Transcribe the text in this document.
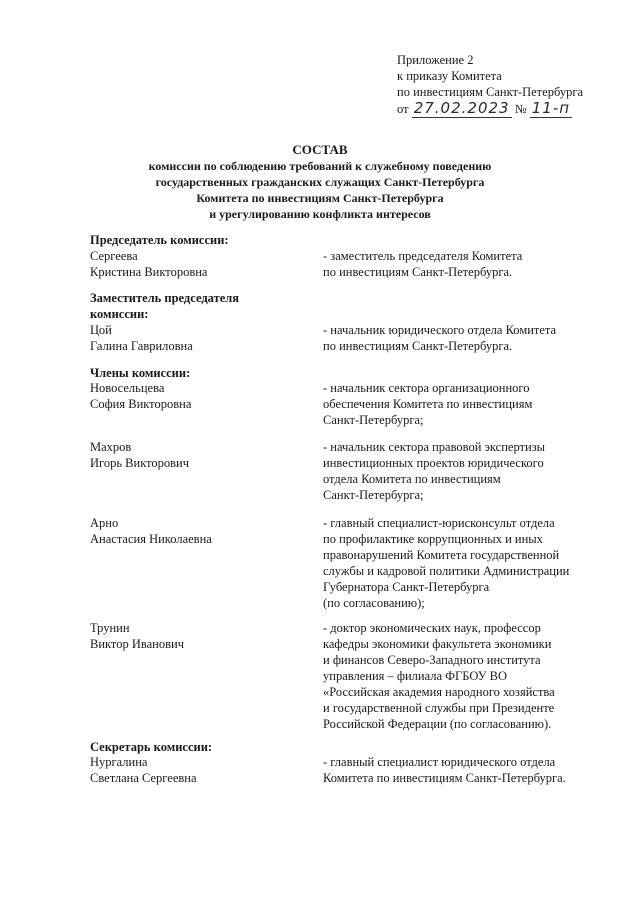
Приложение 2
к приказу Комитета
по инвестициям Санкт-Петербурга
от 27.02.2023 № 11-п
СОСТАВ
комиссии по соблюдению требований к служебному поведению
государственных гражданских служащих Санкт-Петербурга
Комитета по инвестициям Санкт-Петербурга
и урегулированию конфликта интересов
Председатель комиссии:
Сергеева
Кристина Викторовна
- заместитель председателя Комитета
по инвестициям Санкт-Петербурга.
Заместитель председателя
комиссии:
Цой
Галина Гавриловна
- начальник юридического отдела Комитета
по инвестициям Санкт-Петербурга.
Члены комиссии:
Новосельцева
София Викторовна
- начальник сектора организационного
обеспечения Комитета по инвестициям
Санкт-Петербурга;
Махров
Игорь Викторович
- начальник сектора правовой экспертизы
инвестиционных проектов юридического
отдела Комитета по инвестициям
Санкт-Петербурга;
Арно
Анастасия Николаевна
- главный специалист-юрисконсульт отдела
по профилактике коррупционных и иных
правонарушений Комитета государственной
службы и кадровой политики Администрации
Губернатора Санкт-Петербурга
(по согласованию);
Трунин
Виктор Иванович
- доктор экономических наук, профессор
кафедры экономики факультета экономики
и финансов Северо-Западного института
управления – филиала ФГБОУ ВО
«Российская академия народного хозяйства
и государственной службы при Президенте
Российской Федерации (по согласованию).
Секретарь комиссии:
Нургалина
Светлана Сергеевна
- главный специалист юридического отдела
Комитета по инвестициям Санкт-Петербурга.
